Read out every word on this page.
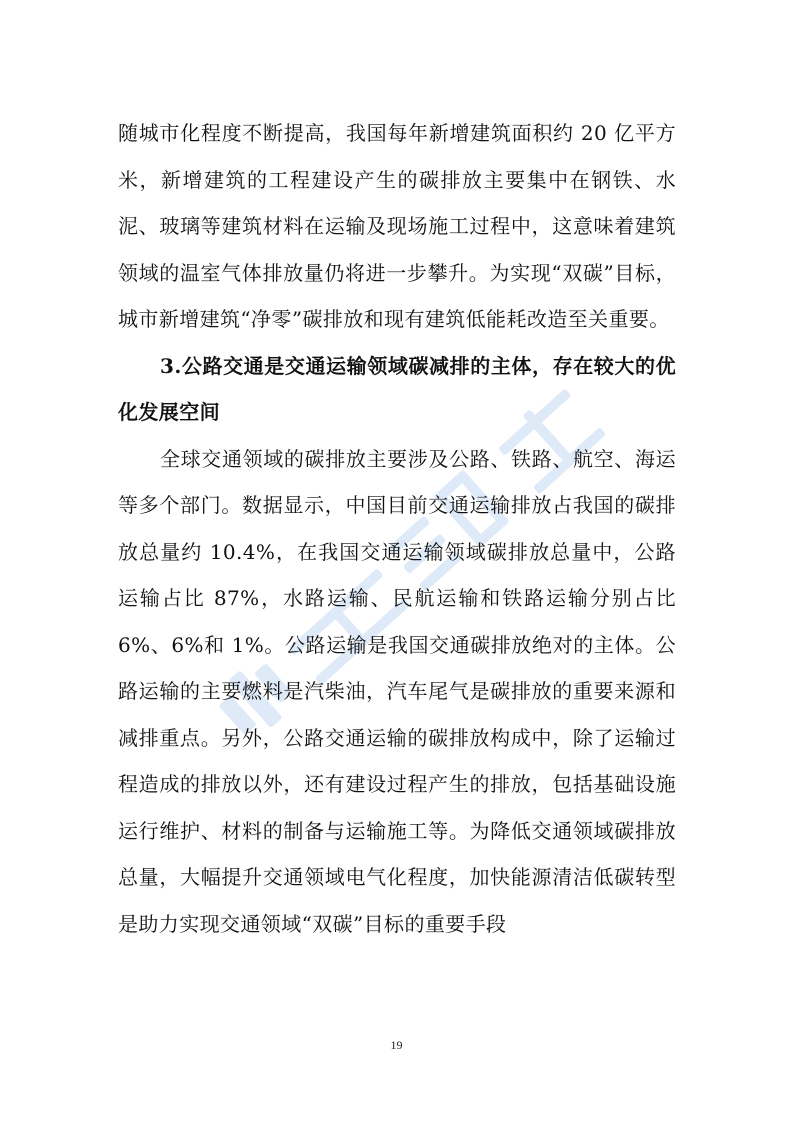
随城市化程度不断提高，我国每年新增建筑面积约 20 亿平方米，新增建筑的工程建设产生的碳排放主要集中在钢铁、水泥、玻璃等建筑材料在运输及现场施工过程中，这意味着建筑领域的温室气体排放量仍将进一步攀升。为实现“双碳”目标，城市新增建筑“净零”碳排放和现有建筑低能耗改造至关重要。

3.公路交通是交通运输领域碳减排的主体，存在较大的优化发展空间

全球交通领域的碳排放主要涉及公路、铁路、航空、海运等多个部门。数据显示，中国目前交通运输排放占我国的碳排放总量约 10.4%，在我国交通运输领域碳排放总量中，公路运输占比 87%，水路运输、民航运输和铁路运输分别占比 6%、6%和 1%。公路运输是我国交通碳排放绝对的主体。公路运输的主要燃料是汽柴油，汽车尾气是碳排放的重要来源和减排重点。另外，公路交通运输的碳排放构成中，除了运输过程造成的排放以外，还有建设过程产生的排放，包括基础设施运行维护、材料的制备与运输施工等。为降低交通领域碳排放总量，大幅提升交通领域电气化程度，加快能源清洁低碳转型是助力实现交通领域“双碳”目标的重要手段

19
